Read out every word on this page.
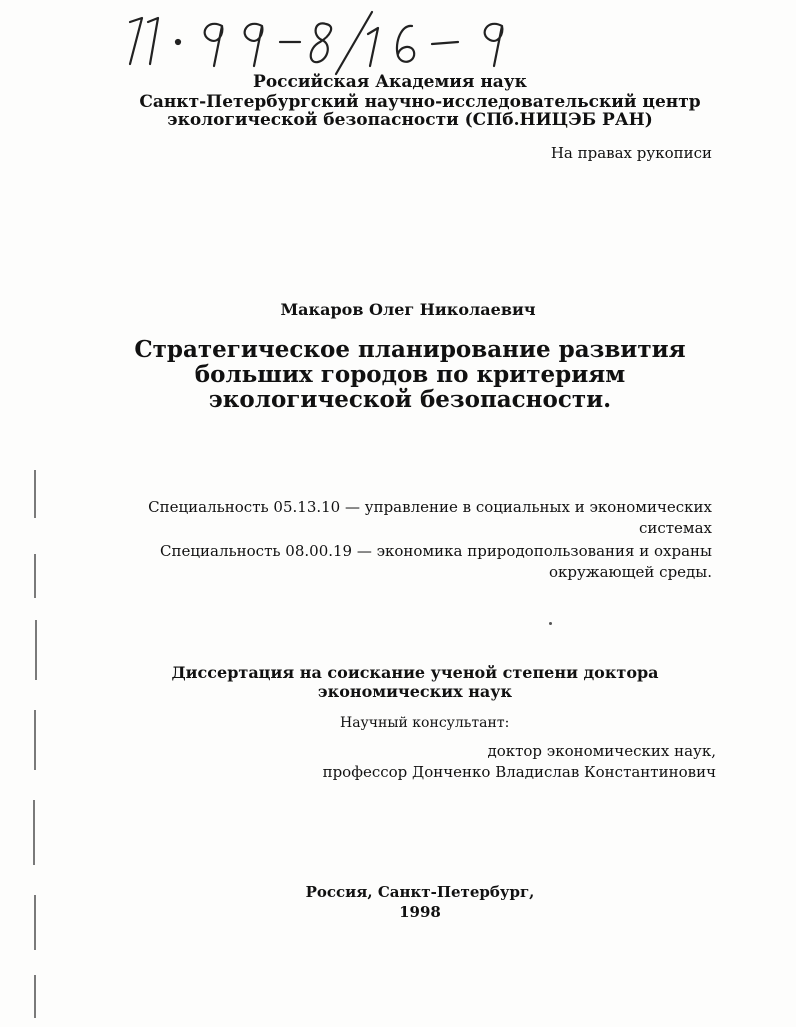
Российская Академия наук

Санкт-Петербургский научно-исследовательский центр

экологической безопасности (СПб.НИЦЭБ РАН)

На правах рукописи

Макаров Олег Николаевич

Стратегическое планирование развития больших городов по критериям экологической безопасности.

Специальность 05.13.10 — управление в социальных и экономических

системах

Специальность 08.00.19 — экономика природопользования и охраны

окружающей среды.

Диссертация на соискание ученой степени доктора экономических наук

Научный консультант:

доктор экономических наук,

профессор Донченко Владислав Константинович

Россия, Санкт-Петербург,
1998
